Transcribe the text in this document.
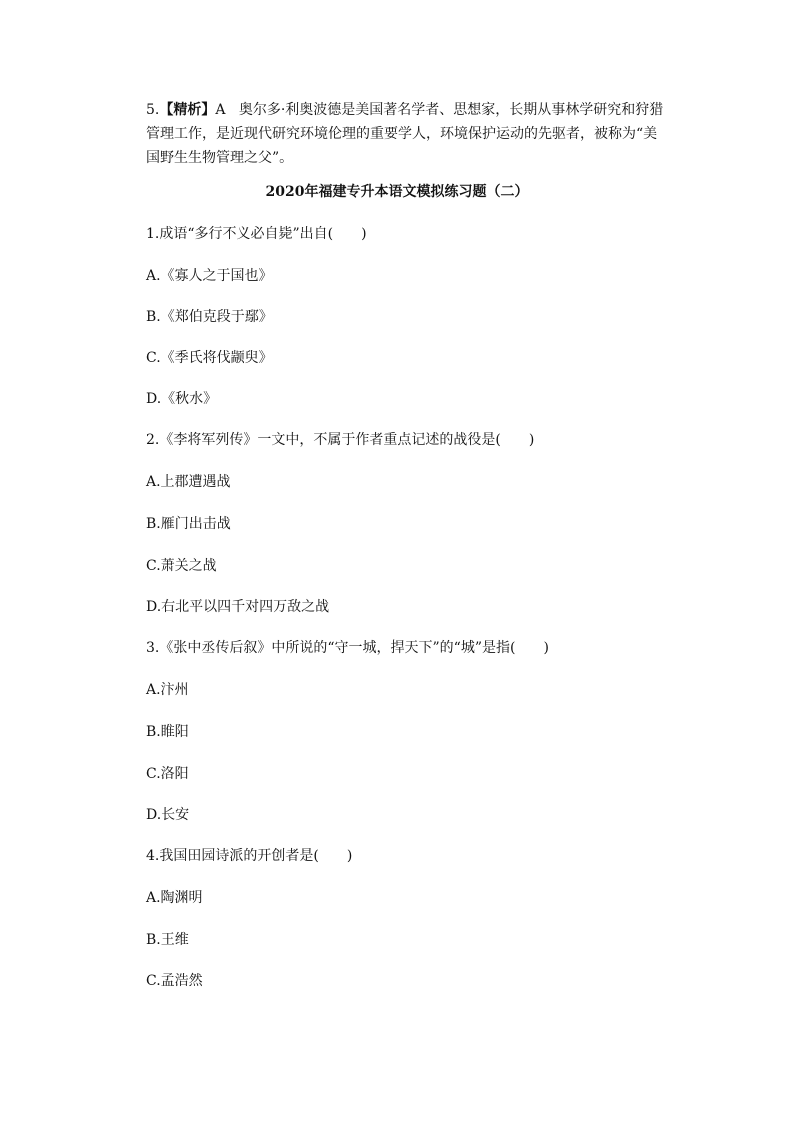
5.【精析】A 奥尔多·利奥波德是美国著名学者、思想家，长期从事林学研究和狩猎管理工作，是近现代研究环境伦理的重要学人，环境保护运动的先驱者，被称为“美国野生生物管理之父”。
2020年福建专升本语文模拟练习题（二）
1.成语“多行不义必自毙”出自(　　)
A.《寡人之于国也》
B.《郑伯克段于鄢》
C.《季氏将伐颛臾》
D.《秋水》
2.《李将军列传》一文中，不属于作者重点记述的战役是(　　)
A.上郡遭遇战
B.雁门出击战
C.萧关之战
D.右北平以四千对四万敌之战
3.《张中丞传后叙》中所说的“守一城，捍天下”的“城”是指(　　)
A.汴州
B.睢阳
C.洛阳
D.长安
4.我国田园诗派的开创者是(　　)
A.陶渊明
B.王维
C.孟浩然
